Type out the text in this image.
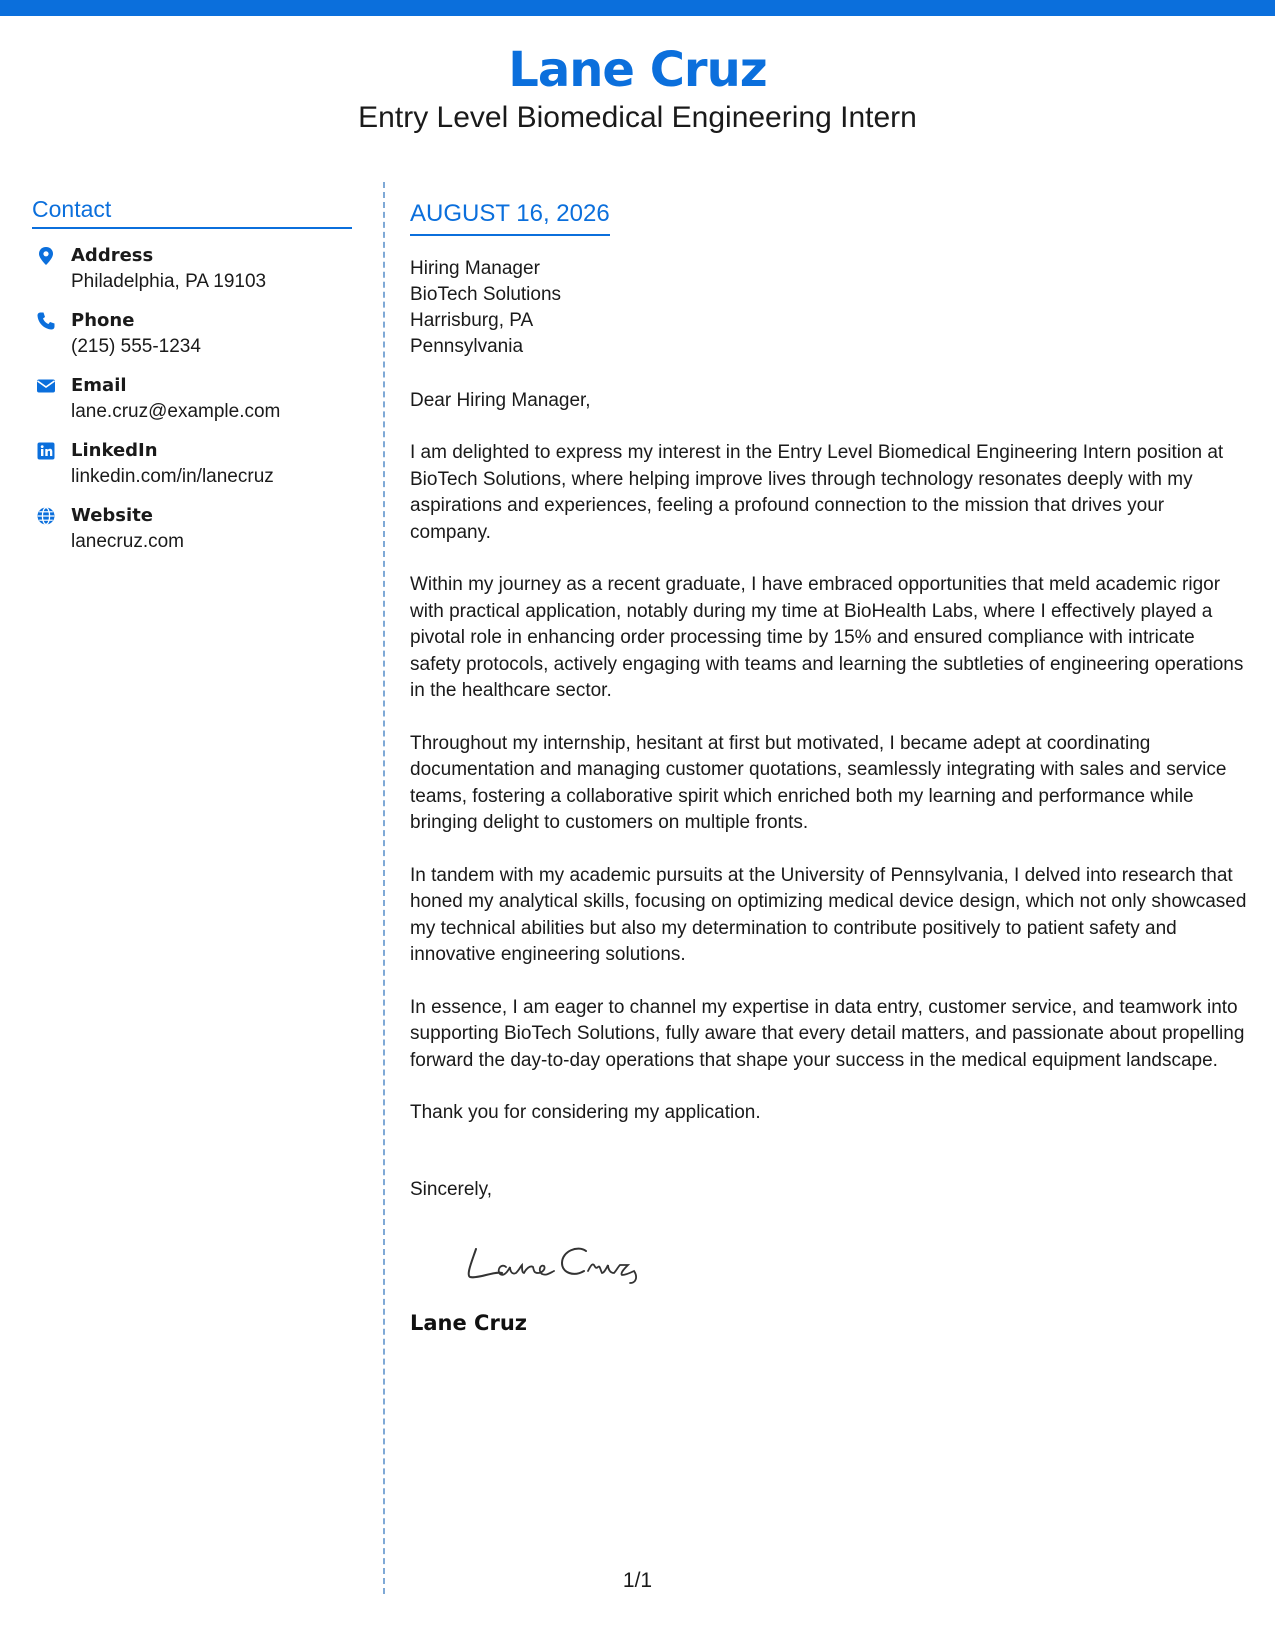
Lane Cruz
Entry Level Biomedical Engineering Intern
Contact
Address
Philadelphia, PA 19103
Phone
(215) 555-1234
Email
lane.cruz@example.com
LinkedIn
linkedin.com/in/lanecruz
Website
lanecruz.com
AUGUST 16, 2026
Hiring Manager
BioTech Solutions
Harrisburg, PA
Pennsylvania
Dear Hiring Manager,
I am delighted to express my interest in the Entry Level Biomedical Engineering Intern position at BioTech Solutions, where helping improve lives through technology resonates deeply with my aspirations and experiences, feeling a profound connection to the mission that drives your company.
Within my journey as a recent graduate, I have embraced opportunities that meld academic rigor with practical application, notably during my time at BioHealth Labs, where I effectively played a pivotal role in enhancing order processing time by 15% and ensured compliance with intricate safety protocols, actively engaging with teams and learning the subtleties of engineering operations in the healthcare sector.
Throughout my internship, hesitant at first but motivated, I became adept at coordinating documentation and managing customer quotations, seamlessly integrating with sales and service teams, fostering a collaborative spirit which enriched both my learning and performance while bringing delight to customers on multiple fronts.
In tandem with my academic pursuits at the University of Pennsylvania, I delved into research that honed my analytical skills, focusing on optimizing medical device design, which not only showcased my technical abilities but also my determination to contribute positively to patient safety and innovative engineering solutions.
In essence, I am eager to channel my expertise in data entry, customer service, and teamwork into supporting BioTech Solutions, fully aware that every detail matters, and passionate about propelling forward the day-to-day operations that shape your success in the medical equipment landscape.
Thank you for considering my application.
Sincerely,
Lane Cruz
1/1
